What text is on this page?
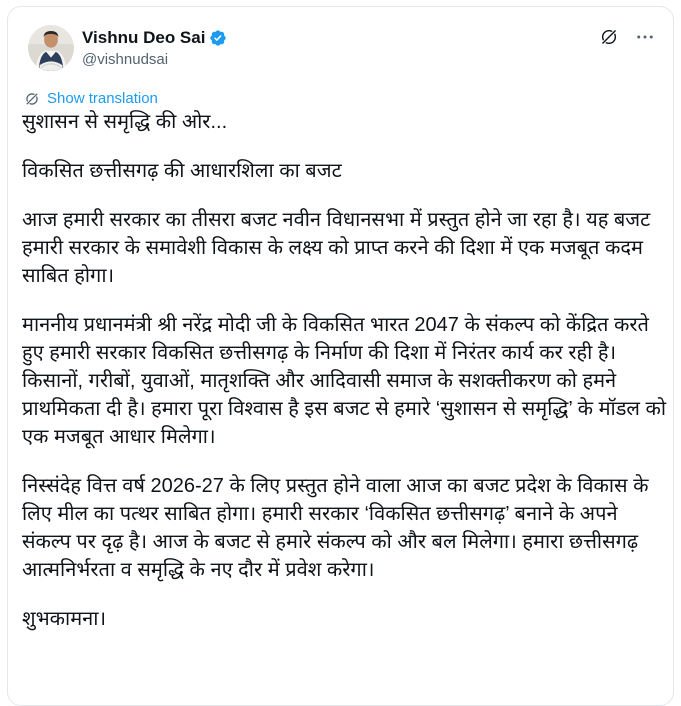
Vishnu Deo Sai
@vishnudsai
Show translation

सुशासन से समृद्धि की ओर...

विकसित छत्तीसगढ़ की आधारशिला का बजट

आज हमारी सरकार का तीसरा बजट नवीन विधानसभा में प्रस्तुत होने जा रहा है। यह बजट हमारी सरकार के समावेशी विकास के लक्ष्य को प्राप्त करने की दिशा में एक मजबूत कदम साबित होगा।

माननीय प्रधानमंत्री श्री नरेंद्र मोदी जी के विकसित भारत 2047 के संकल्प को केंद्रित करते हुए हमारी सरकार विकसित छत्तीसगढ़ के निर्माण की दिशा में निरंतर कार्य कर रही है। किसानों, गरीबों, युवाओं, मातृशक्ति और आदिवासी समाज के सशक्तीकरण को हमने प्राथमिकता दी है। हमारा पूरा विश्वास है इस बजट से हमारे ‘सुशासन से समृद्धि’ के मॉडल को एक मजबूत आधार मिलेगा।

निस्संदेह वित्त वर्ष 2026-27 के लिए प्रस्तुत होने वाला आज का बजट प्रदेश के विकास के लिए मील का पत्थर साबित होगा। हमारी सरकार ‘विकसित छत्तीसगढ़’ बनाने के अपने संकल्प पर दृढ़ है। आज के बजट से हमारे संकल्प को और बल मिलेगा। हमारा छत्तीसगढ़ आत्मनिर्भरता व समृद्धि के नए दौर में प्रवेश करेगा।

शुभकामना।
